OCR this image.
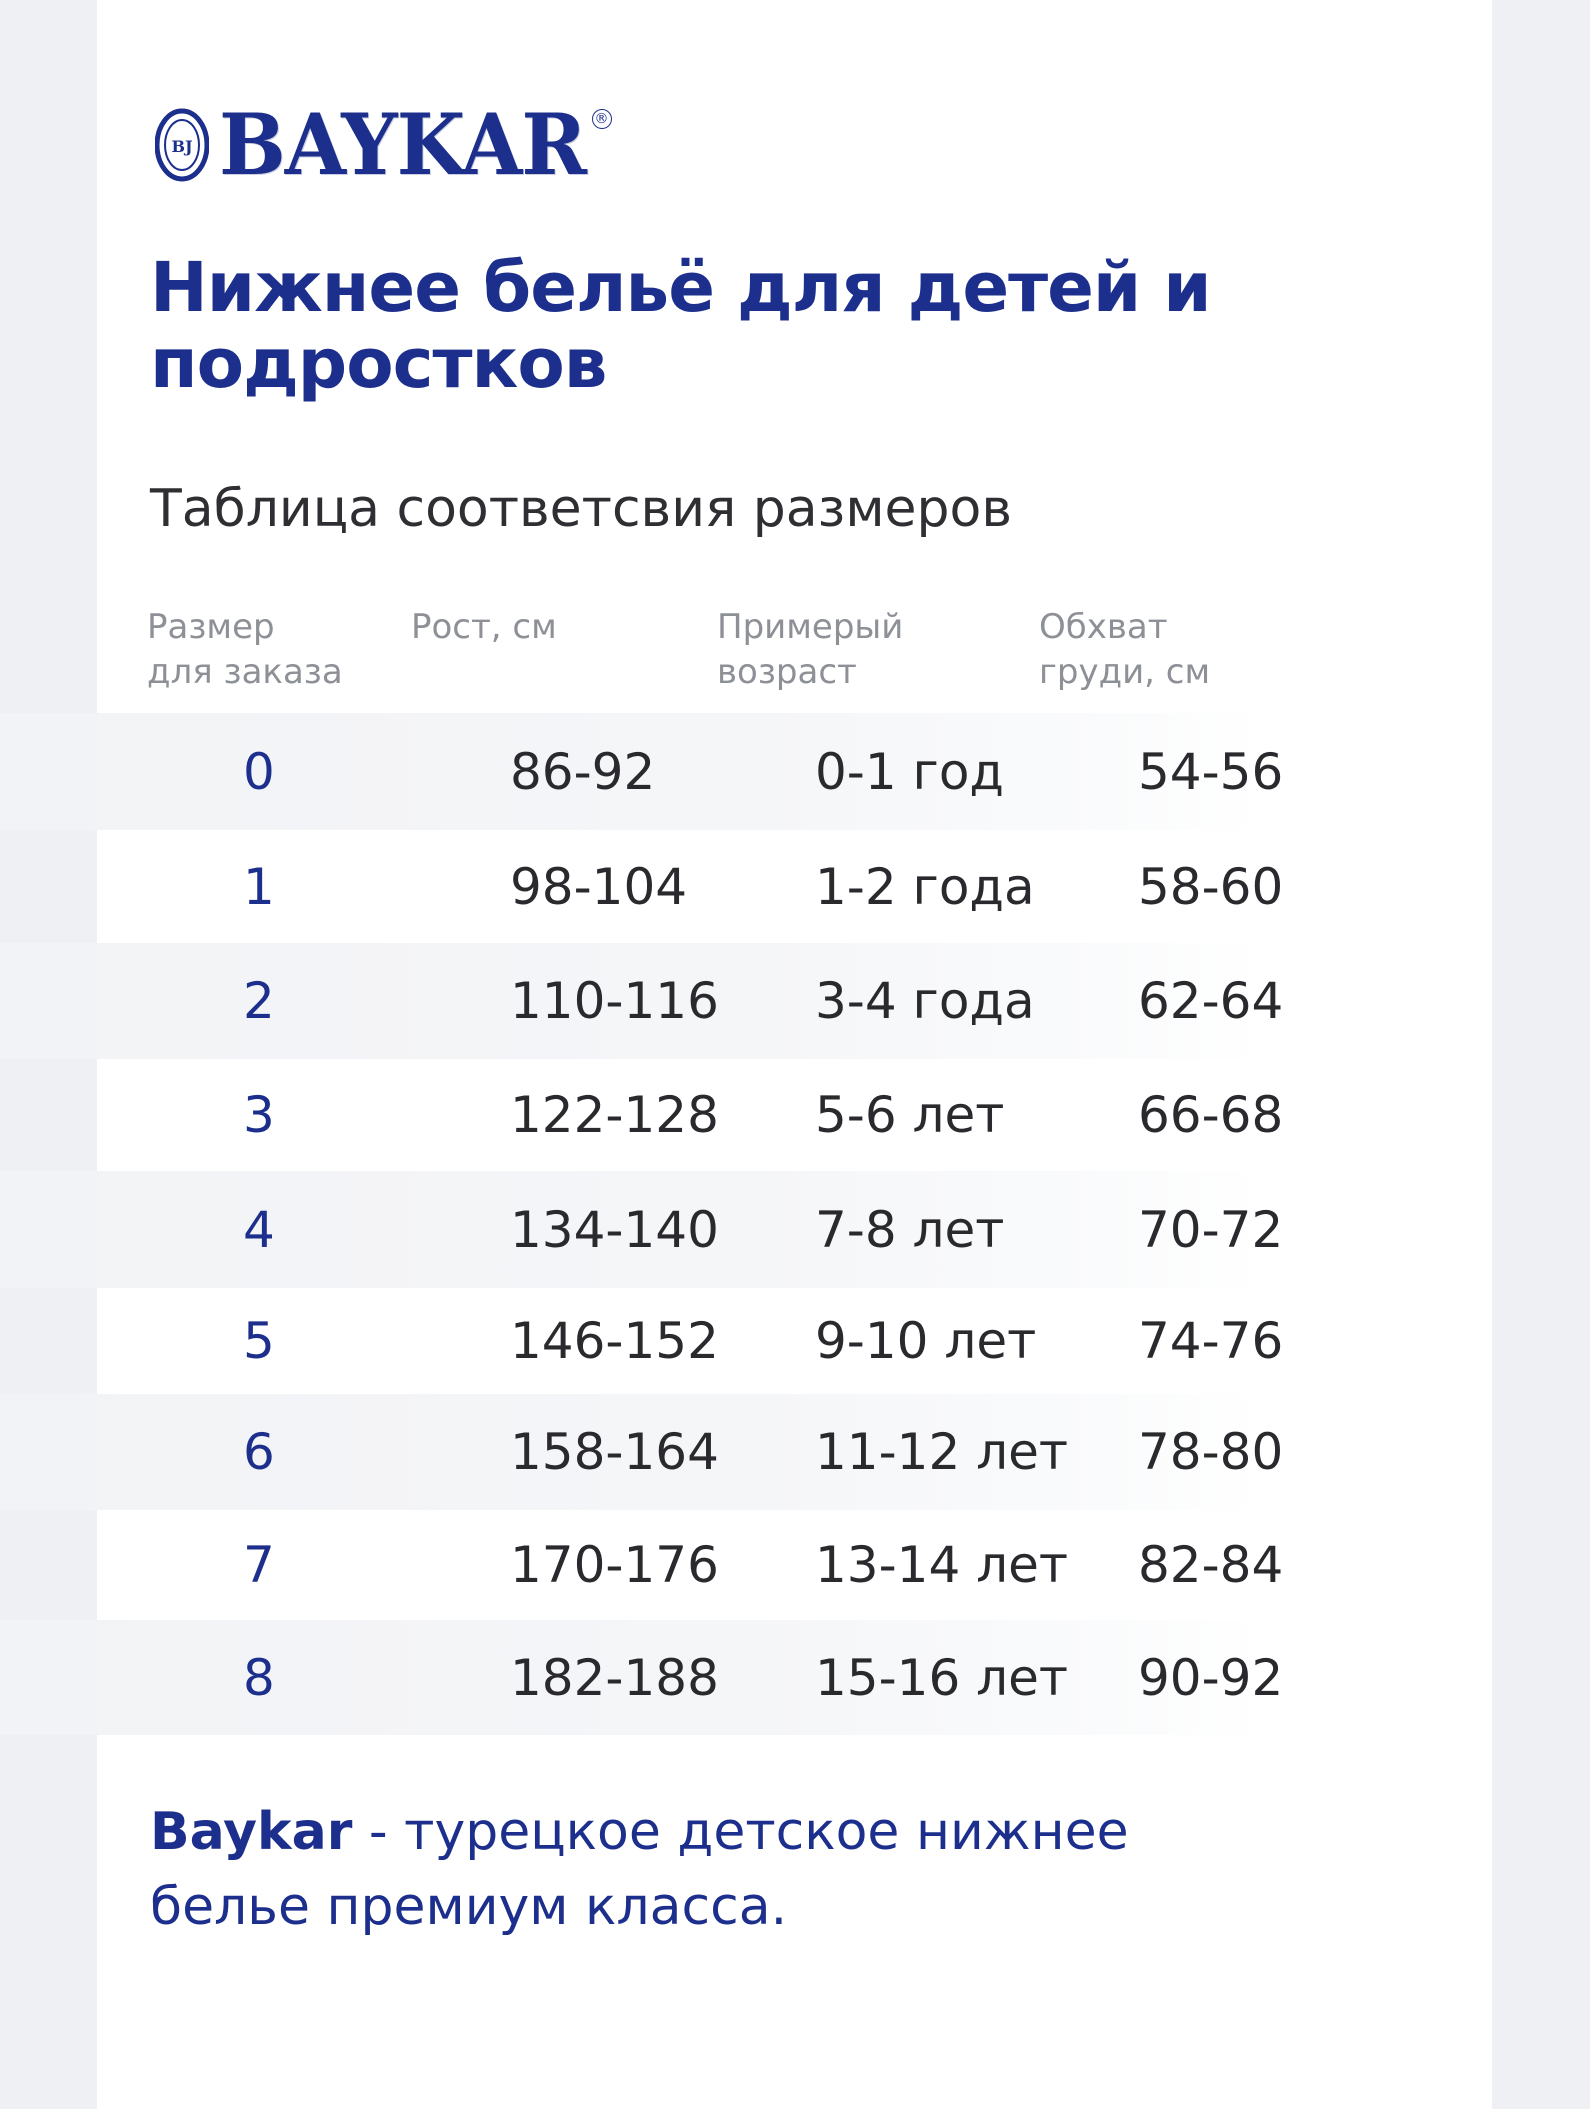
BJ BAYKAR ®
Нижнее бельё для детей и подростков
Таблица соответсвия размеров
Размер
для заказа
Рост, см	Примерый
возраст
Обхват
груди, см
0	86-92	0-1 год	54-56
1	98-104	1-2 года 58-60
2	110-116 3-4 года 62-64
3	122-128 5-6 лет	66-68
4	134-140 7-8 лет	70-72
5	146-152 9-10 лет 74-76
6	158-164 11-12 лет 78-80
7	170-176 13-14 лет 82-84
8	182-188 15-16 лет 90-92

Baykar - турецкое детское нижнее белье премиум класса.
